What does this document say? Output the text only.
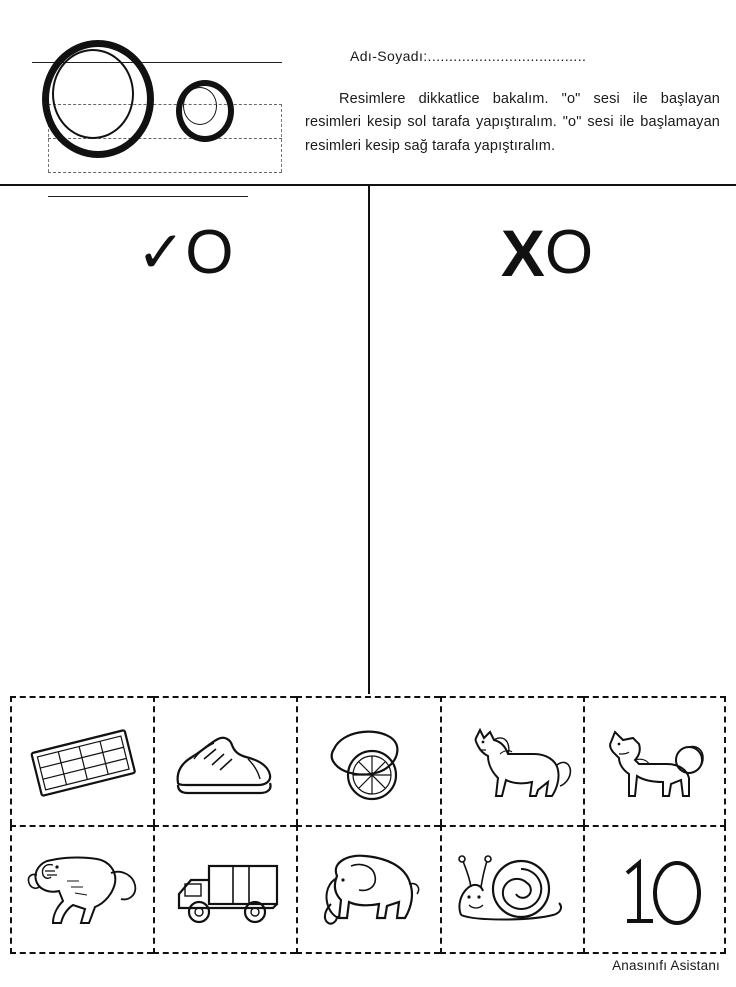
Adı-Soyadı:.....................................
Resimlere dikkatlice bakalım. "o" sesi ile başlayan resimleri kesip sol tarafa yapıştıralım. "o" sesi ile başlamayan resimleri kesip sağ tarafa yapıştıralım.
✓O	XO
Anasınıfı Asistanı
